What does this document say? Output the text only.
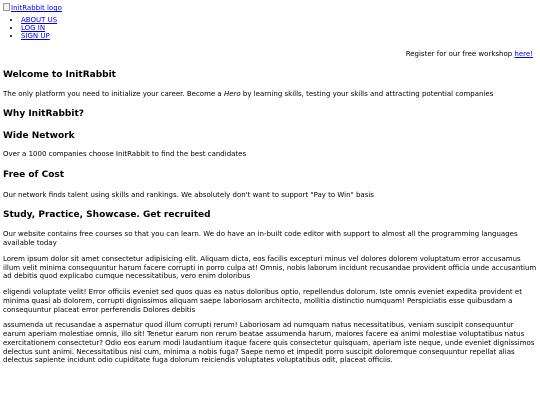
InitRabbit logo
• ABOUT US
• LOG IN
• SIGN UP
Register for our free workshop here!
Welcome to InitRabbit

The only platform you need to initialize your career. Become a Hero by learning skills, testing your skills and attracting potential companies

Why InitRabbit?
Wide Network

Over a 1000 companies choose InitRabbit to find the best candidates

Free of Cost

Our network finds talent using skills and rankings. We absolutely don't want to support "Pay to Win" basis

Study, Practice, Showcase. Get recruited

Our website contains free courses so that you can learn. We do have an in-built code editor with support to almost all the programming languages available today

Lorem ipsum dolor sit amet consectetur adipisicing elit. Aliquam dicta, eos facilis excepturi minus vel dolores dolorem voluptatum error accusamus illum velit minima consequuntur harum facere corrupti in porro culpa at! Omnis, nobis laborum incidunt recusandae provident officia unde accusantium ad debitis quod explicabo cumque necessitatibus, vero enim doloribus

eligendi voluptate velit! Error officiis eveniet sed quos quas ea natus doloribus optio, repellendus dolorum. Iste omnis eveniet expedita provident et minima quasi ab dolorem, corrupti dignissimos aliquam saepe laboriosam architecto, mollitia distinctio numquam! Perspiciatis esse quibusdam a consequuntur placeat error perferendis Dolores debitis

assumenda ut recusandae a aspernatur quod illum corrupti rerum! Laboriosam ad numquam natus necessitatibus, veniam suscipit consequuntur earum aperiam molestiae omnis, illo sit! Tenetur earum non rerum beatae assumenda harum, maiores facere ea animi molestiae voluptatibus natus exercitationem consectetur? Odio eos earum modi laudantium itaque facere quis consectetur quisquam, aperiam iste neque, unde eveniet dignissimos delectus sunt animi. Necessitatibus nisi cum, minima a nobis fuga? Saepe nemo et impedit porro suscipit doloremque consequuntur repellat alias delectus sapiente incidunt odio cupiditate fuga dolorum reiciendis voluptates voluptatibus odit, placeat officiis.
